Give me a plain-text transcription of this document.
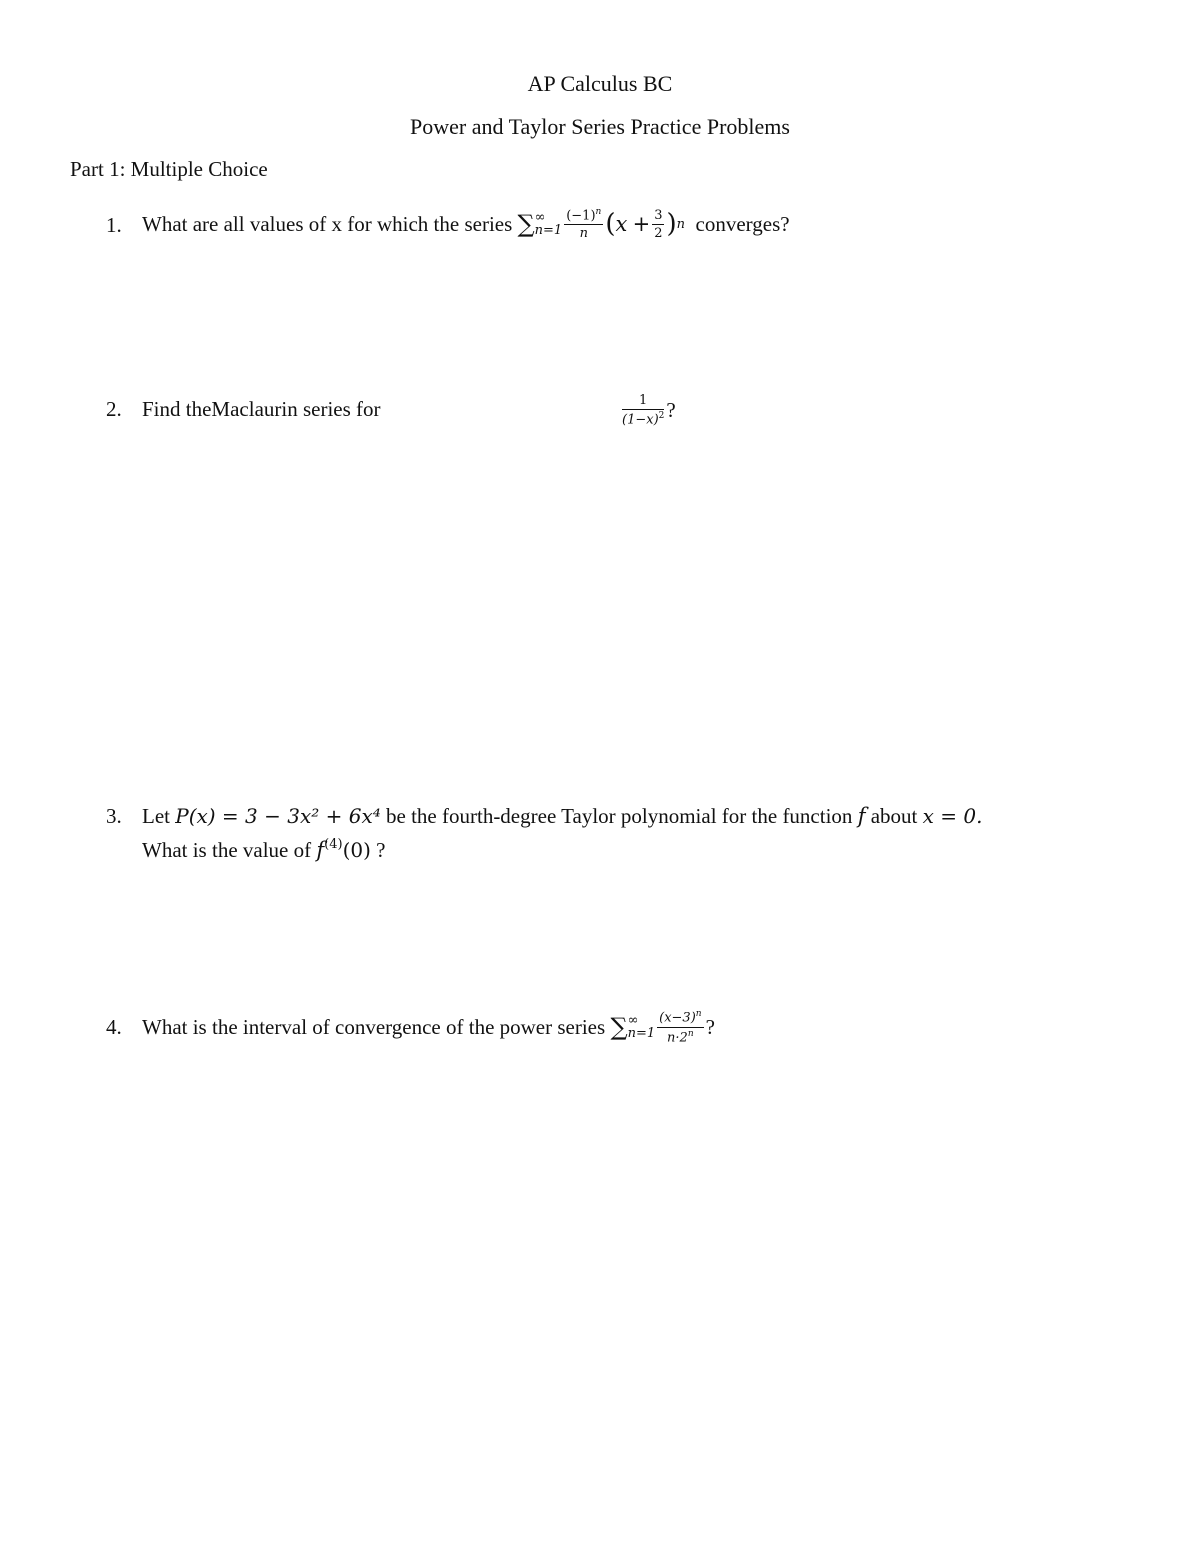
AP Calculus BC
Power and Taylor Series Practice Problems
Part 1: Multiple Choice
1. What are all values of x for which the series
∑ ∞
$n=1 \frac{(-1)^n}{n}$ ( x
+ $\frac{3}{2}$ ) n
converges?
2. Find theMaclaurin series for	$\frac{1}{(1-x)^2}$ ?
3. Let P(x) = 3 − 3x² + 6x⁴ be the fourth-degree Taylor polynomial for the function f about x = 0.
What is the value of $f^{(4)}(0)$ ?
4. What is the interval of convergence of the power series
∑ ∞
$n=1 \frac{(x-3)^n}{n\cdot 2^n}$ ?
